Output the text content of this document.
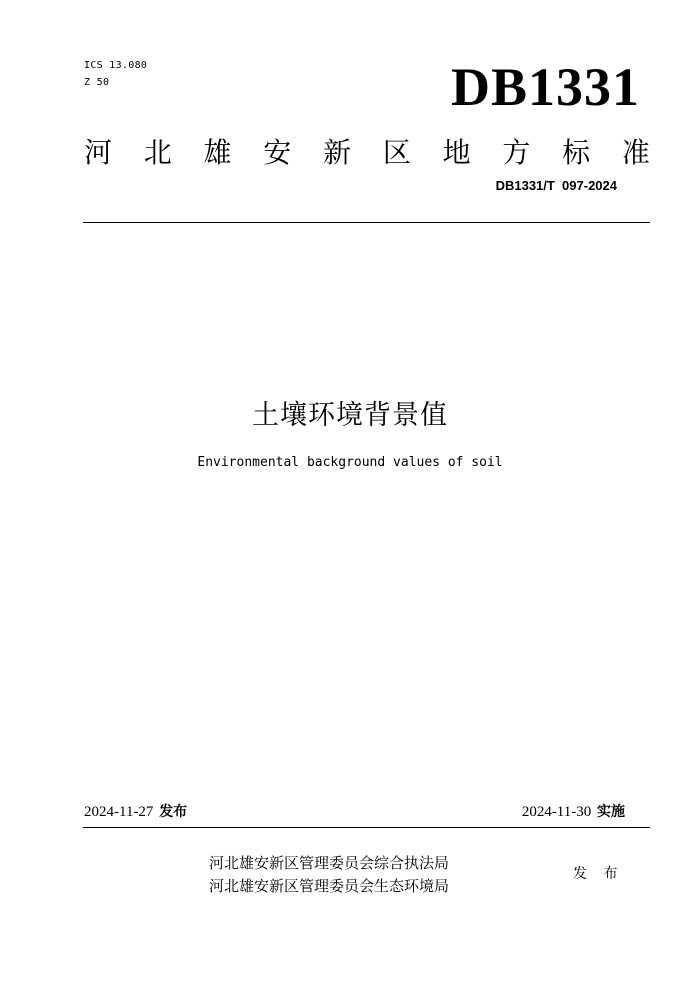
ICS 13.080
Z 50	DB1331
河 北 雄 安 新 区 地 方 标 准
DB1331/T  097-2024
土壤环境背景值
Environmental background values of soil
2024-11-27 发布	2024-11-30 实施
河北雄安新区管理委员会综合执法局
河北雄安新区管理委员会生态环境局
发 布
